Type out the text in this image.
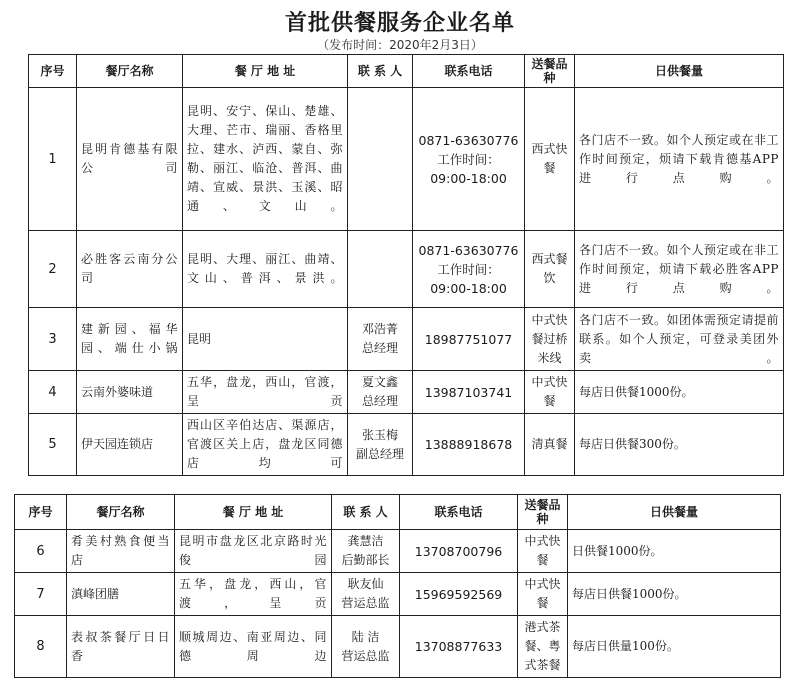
首批供餐服务企业名单
（发布时间：2020年2月3日）
序号	餐厅名称	餐 厅 地 址	联 系 人	联系电话	送餐品种	日供餐量
1	昆明肯德基有限公司	昆明、安宁、保山、楚雄、大理、芒市、瑞丽、香格里拉、建水、泸西、蒙自、弥勒、丽江、临沧、普洱、曲靖、宣威、景洪、玉溪、昭通、文山。		0871-63630776
工作时间：
09:00-18:00	西式快餐	各门店不一致。如个人预定或在非工作时间预定，烦请下载肯德基APP进行点购。
2	必胜客云南分公司	昆明、大理、丽江、曲靖、文山、普洱、景洪。		0871-63630776
工作时间：
09:00-18:00	西式餐饮	各门店不一致。如个人预定或在非工作时间预定，烦请下载必胜客APP进行点购。
3	建新园、福华园、端仕小锅	昆明	邓浩菁
总经理	18987751077	中式快餐过桥米线	各门店不一致。如团体需预定请提前联系。如个人预定，可登录美团外卖。
4	云南外婆味道	五华，盘龙，西山，官渡，呈贡	夏文鑫
总经理	13987103741	中式快餐	每店日供餐1000份。
5	伊天园连锁店	西山区辛伯达店、渠源店，官渡区关上店，盘龙区同德店均可	张玉梅
副总经理	13888918678	清真餐	每店日供餐300份。
序号	餐厅名称	餐 厅 地 址	联 系 人	联系电话	送餐品种	日供餐量
6	肴美村熟食便当店	昆明市盘龙区北京路时光俊园	龚慧洁
后勤部长	13708700796	中式快餐	日供餐1000份。
7	滇峰团膳	五华，盘龙，西山，官渡，呈贡	耿友仙
营运总监	15969592569	中式快餐	每店日供餐1000份。
8	表叔茶餐厅日日香	顺城周边、南亚周边、同德周边	陆 洁
营运总监	13708877633	港式茶餐、粤式茶餐	每店日供量100份。
